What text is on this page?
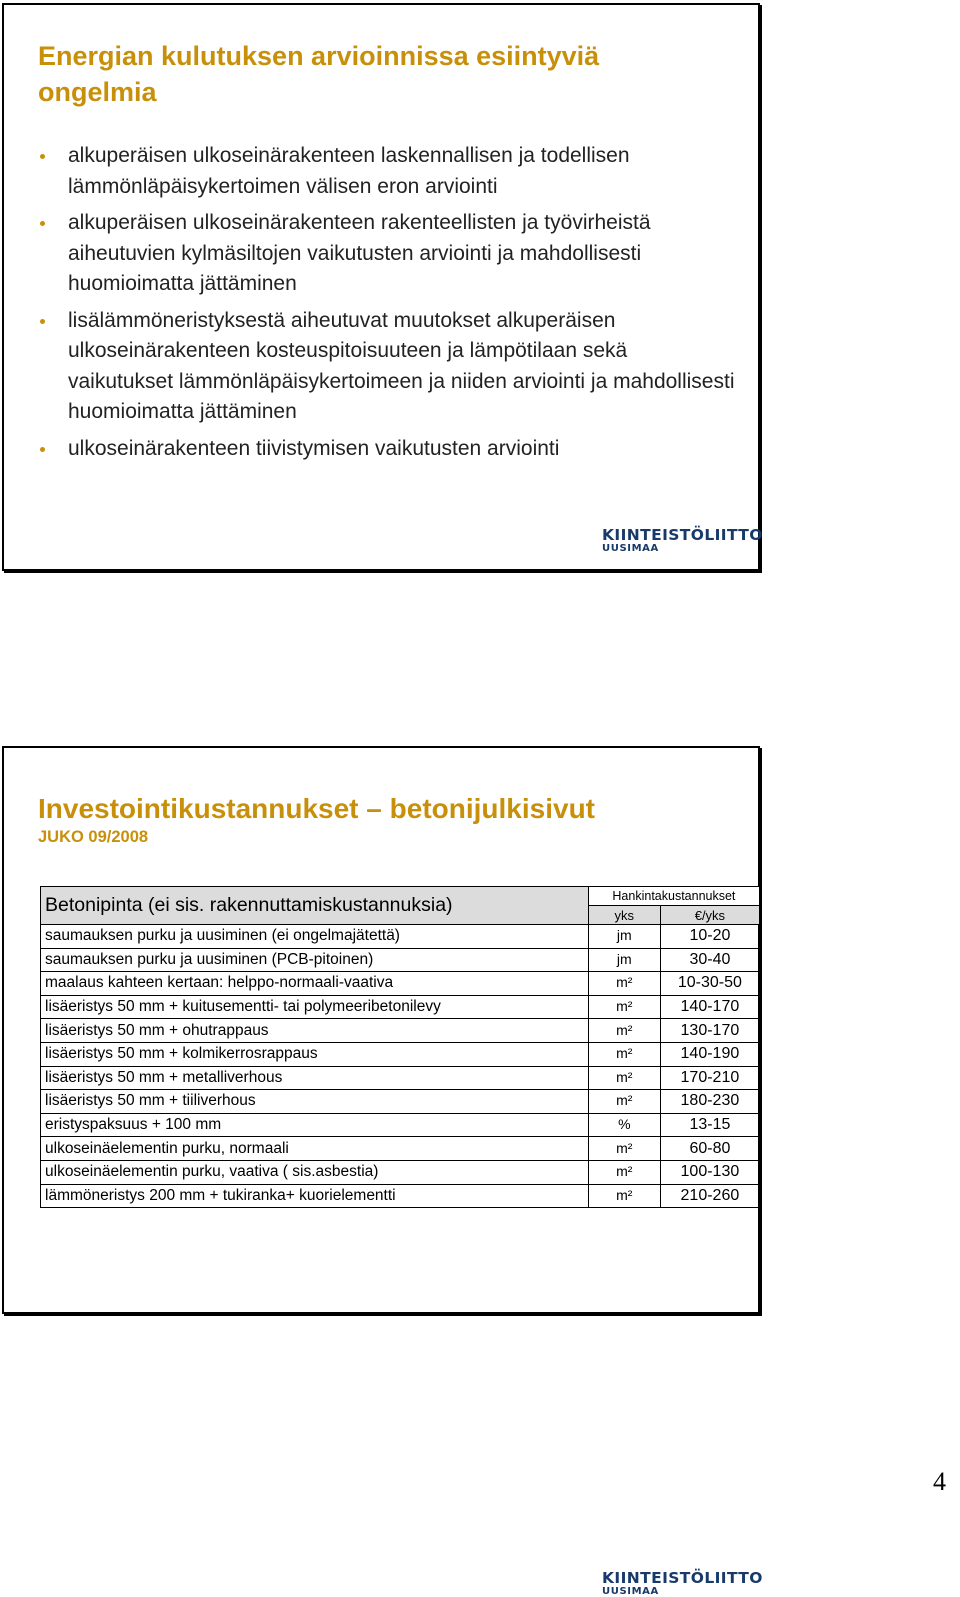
Energian kulutuksen arvioinnissa esiintyviä ongelmia
alkuperäisen ulkoseinärakenteen laskennallisen ja todellisen lämmönläpäisykertoimen välisen eron arviointi
alkuperäisen ulkoseinärakenteen rakenteellisten ja työvirheistä aiheutuvien kylmäsiltojen vaikutusten arviointi ja mahdollisesti huomioimatta jättäminen
lisälämmöneristyksestä aiheutuvat muutokset alkuperäisen ulkoseinärakenteen kosteuspitoisuuteen ja lämpötilaan sekä vaikutukset lämmönläpäisykertoimeen ja niiden arviointi ja mahdollisesti huomioimatta jättäminen
ulkoseinärakenteen tiivistymisen vaikutusten arviointi
KIINTEISTÖLIITTO
UUSIMAA
Investointikustannukset – betonijulkisivut

JUKO 09/2008

Betonipinta (ei sis. rakennuttamiskustannuksia)	Hankintakustannukset	
	yks	€/yks
saumauksen purku ja uusiminen (ei ongelmajätettä)	jm	10-20
saumauksen purku ja uusiminen (PCB-pitoinen)	jm	30-40
maalaus kahteen kertaan: helppo-normaali-vaativa	m²	10-30-50
lisäeristys 50 mm + kuitusementti- tai polymeeribetonilevy	m²	140-170
lisäeristys 50 mm + ohutrappaus	m²	130-170
lisäeristys 50 mm + kolmikerrosrappaus	m²	140-190
lisäeristys 50 mm + metalliverhous	m²	170-210
lisäeristys 50 mm + tiiliverhous	m²	180-230
eristyspaksuus + 100 mm	%	13-15
ulkoseinäelementin purku, normaali	m²	60-80
ulkoseinäelementin purku, vaativa ( sis.asbestia)	m²	100-130
lämmöneristys 200 mm + tukiranka+ kuorielementti	m²	210-260
KIINTEISTÖLIITTO
UUSIMAA
4
